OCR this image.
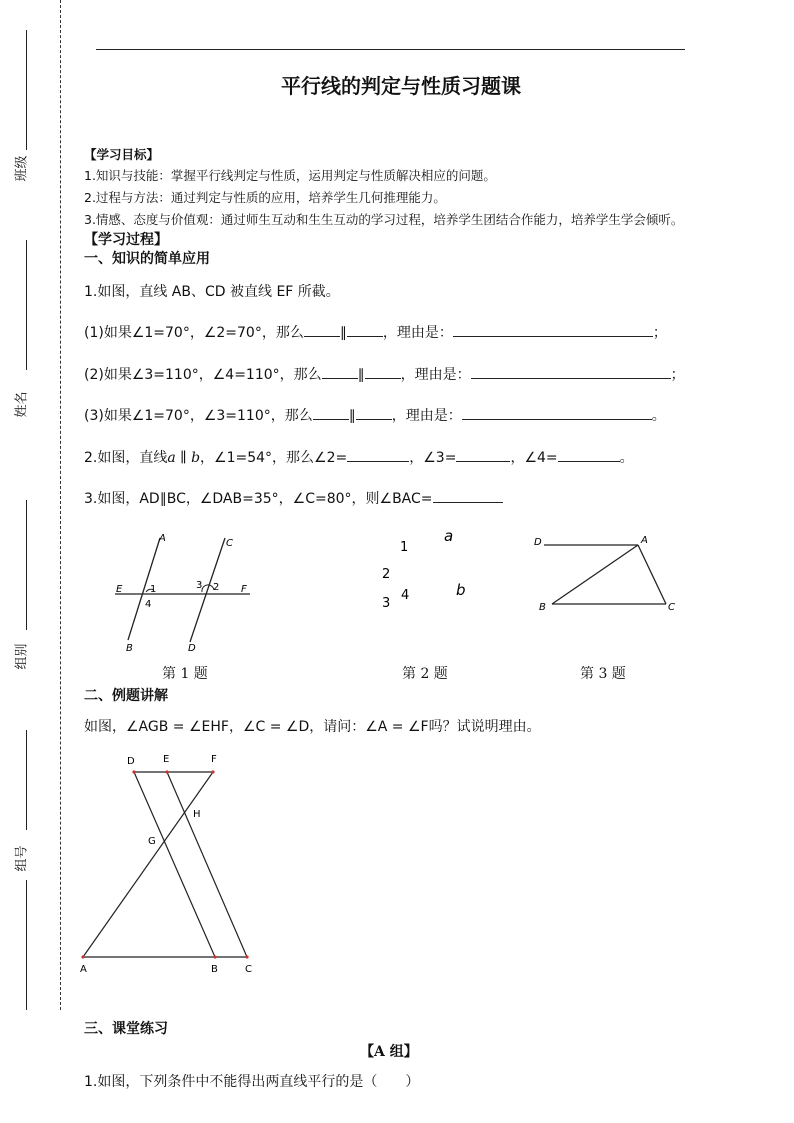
班级
姓名
组别
组号
平行线的判定与性质习题课
【学习目标】
1.知识与技能：掌握平行线判定与性质，运用判定与性质解决相应的问题。
2.过程与方法：通过判定与性质的应用，培养学生几何推理能力。
3.情感、态度与价值观：通过师生互动和生生互动的学习过程，培养学生团结合作能力，培养学生学会倾听。
【学习过程】
一、知识的简单应用
1.如图，直线 AB、CD 被直线 EF 所截。
(1)如果∠1=70°，∠2=70°，那么	∥	，理由是：	；
(2)如果∠3=110°，∠4=110°，那么	∥	，理由是：	；
(3)如果∠1=70°，∠3=110°，那么	∥	，理由是：	。
2.如图，直线a ∥ b，∠1=54°，那么∠2=	，∠3=	，∠4=	。
3.如图，AD∥BC，∠DAB=35°，∠C=80°，则∠BAC=
A	C
E	F
1
4
3 2
B	D
第 1 题
1
a
2
4	b
3
第 2 题
D	A
B	C
第 3 题
二、例题讲解
如图，∠AGB = ∠EHF，∠C = ∠D，请问：∠A = ∠F吗？试说明理由。
D	E	F
H
G
A	B	C
三、课堂练习
【A 组】
1.如图，下列条件中不能得出两直线平行的是（　　）
